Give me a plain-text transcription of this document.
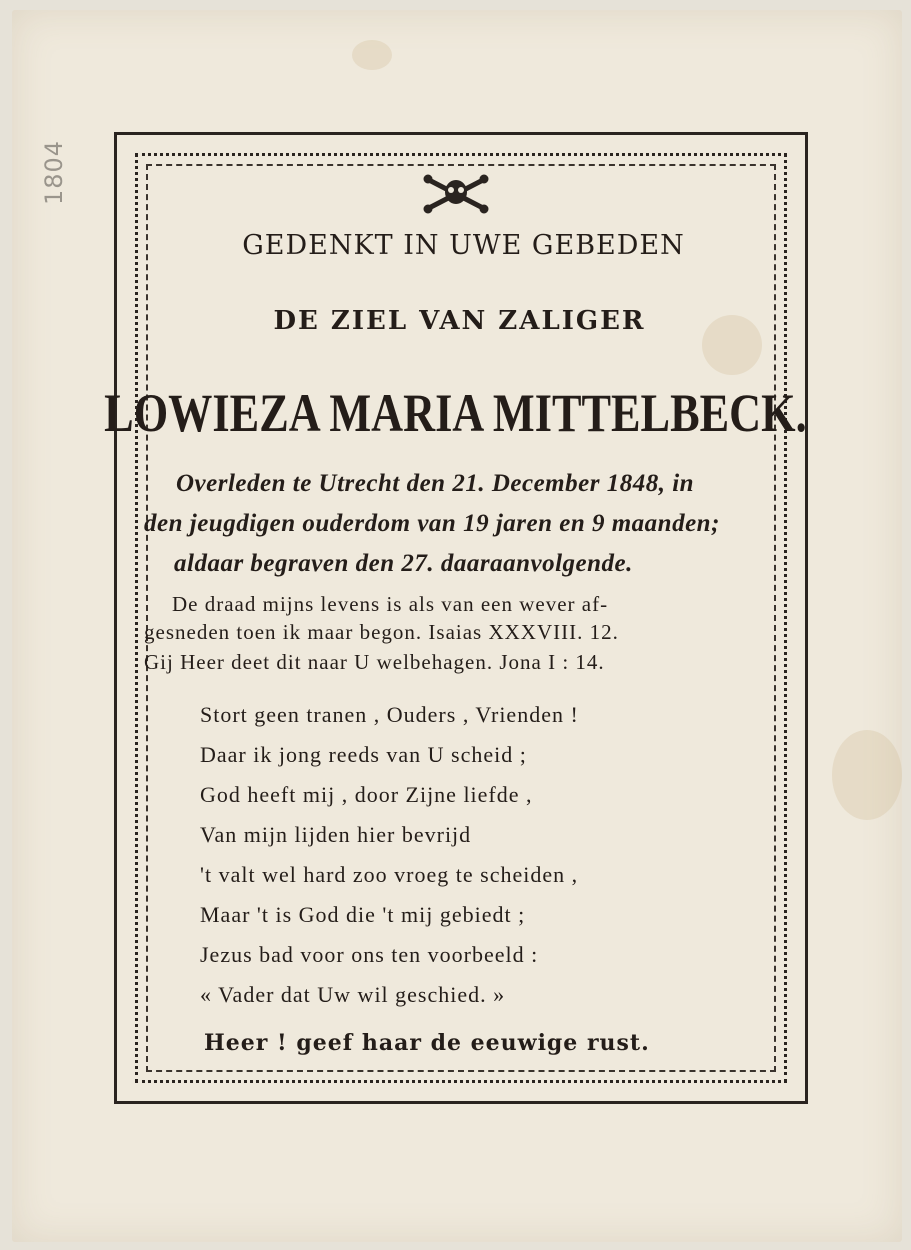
1804
GEDENKT IN UWE GEBEDEN
DE ZIEL VAN ZALIGER
LOWIEZA MARIA MITTELBECK.
Overleden te Utrecht den 21. December 1848, in
den jeugdigen ouderdom van 19 jaren en 9 maanden;
aldaar begraven den 27. daaraanvolgende.
De draad mijns levens is als van een wever af-
gesneden toen ik maar begon. Isaias XXXVIII. 12.
Gij Heer deet dit naar U welbehagen. Jona I : 14.
Stort geen tranen , Ouders , Vrienden !
Daar ik jong reeds van U scheid ;
God heeft mij , door Zijne liefde ,
Van mijn lijden hier bevrijd
't valt wel hard zoo vroeg te scheiden ,
Maar 't is God die 't mij gebiedt ;
Jezus bad voor ons ten voorbeeld :
« Vader dat Uw wil geschied. »
Heer ! geef haar de eeuwige rust.
